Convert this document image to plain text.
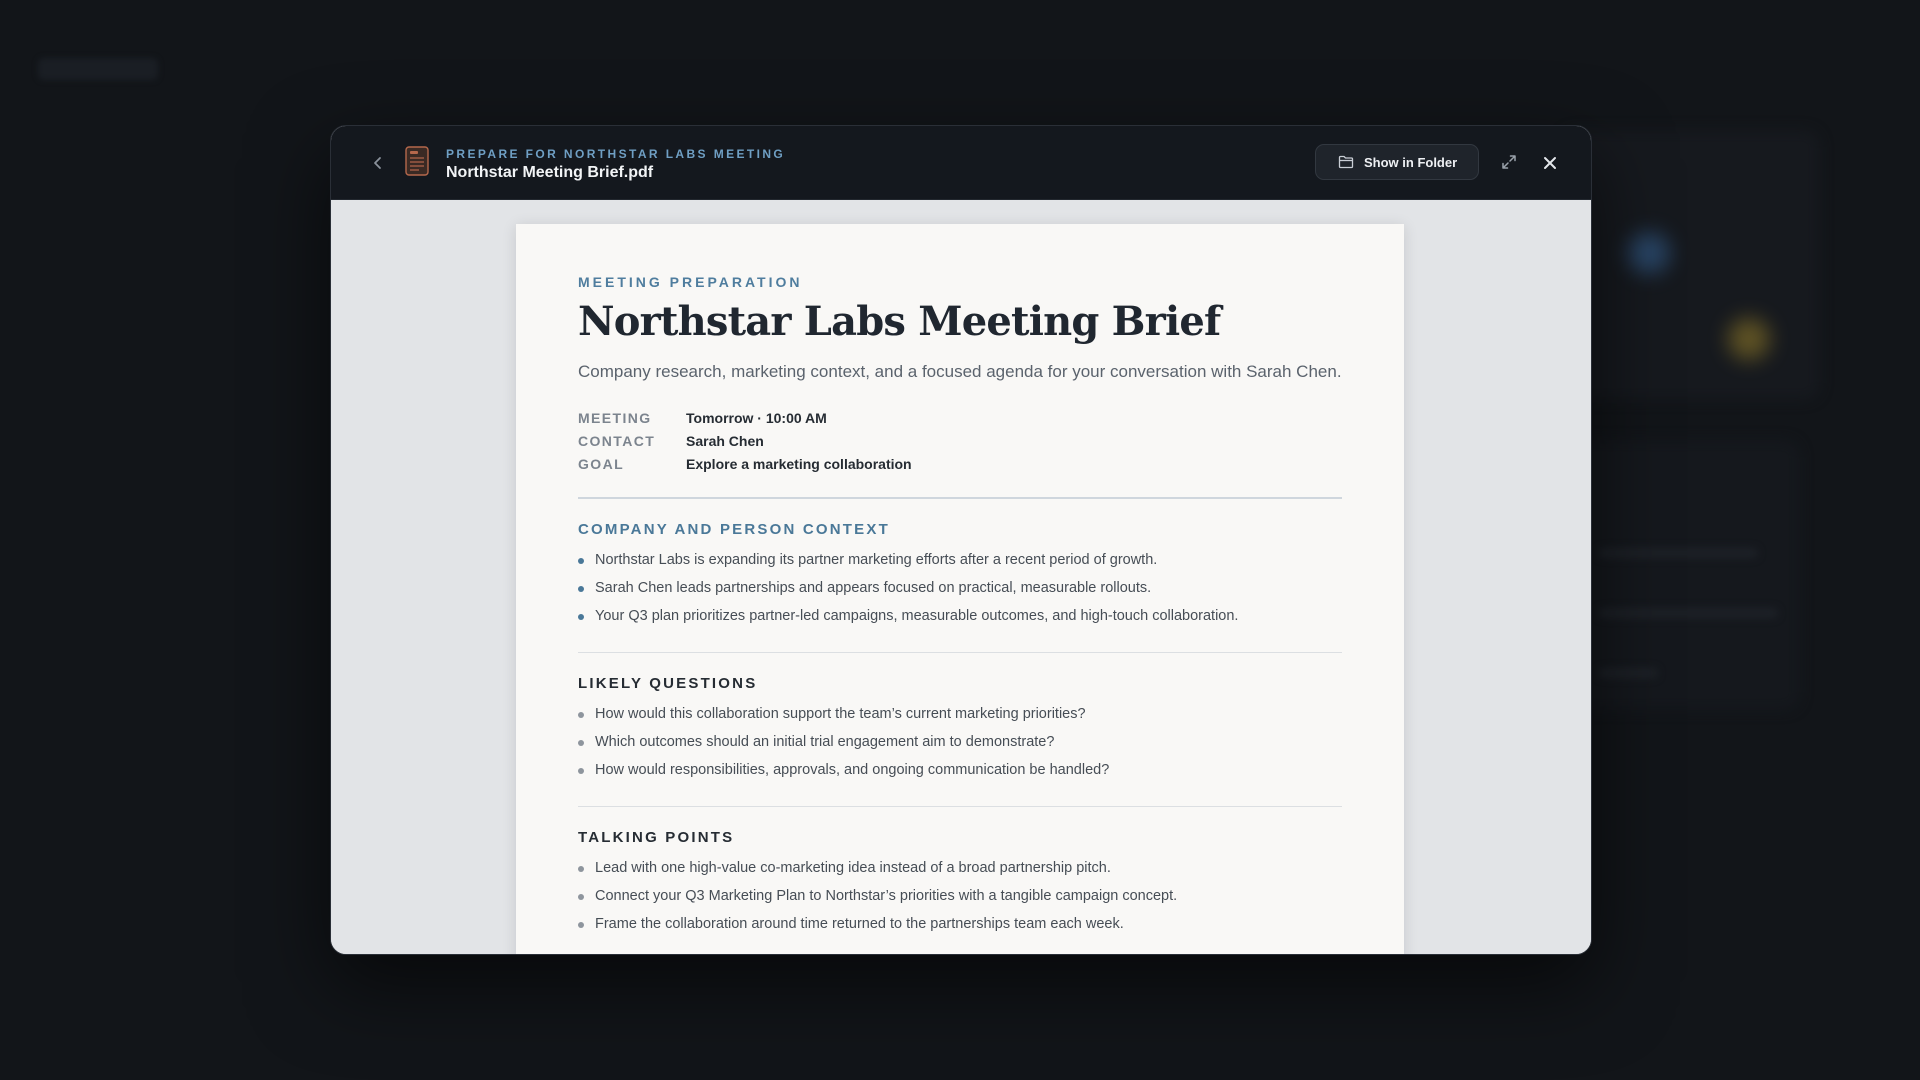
PREPARE FOR NORTHSTAR LABS MEETING
Northstar Meeting Brief.pdf
Show in Folder
MEETING PREPARATION
Northstar Labs Meeting Brief

Company research, marketing context, and a focused agenda for your conversation with Sarah Chen.

MEETING	Tomorrow · 10:00 AM
CONTACT	Sarah Chen
GOAL	Explore a marketing collaboration
COMPANY AND PERSON CONTEXT
Northstar Labs is expanding its partner marketing efforts after a recent period of growth.
Sarah Chen leads partnerships and appears focused on practical, measurable rollouts.
Your Q3 plan prioritizes partner-led campaigns, measurable outcomes, and high-touch collaboration.
LIKELY QUESTIONS
How would this collaboration support the team’s current marketing priorities?
Which outcomes should an initial trial engagement aim to demonstrate?
How would responsibilities, approvals, and ongoing communication be handled?
TALKING POINTS
Lead with one high-value co-marketing idea instead of a broad partnership pitch.
Connect your Q3 Marketing Plan to Northstar’s priorities with a tangible campaign concept.
Frame the collaboration around time returned to the partnerships team each week.
